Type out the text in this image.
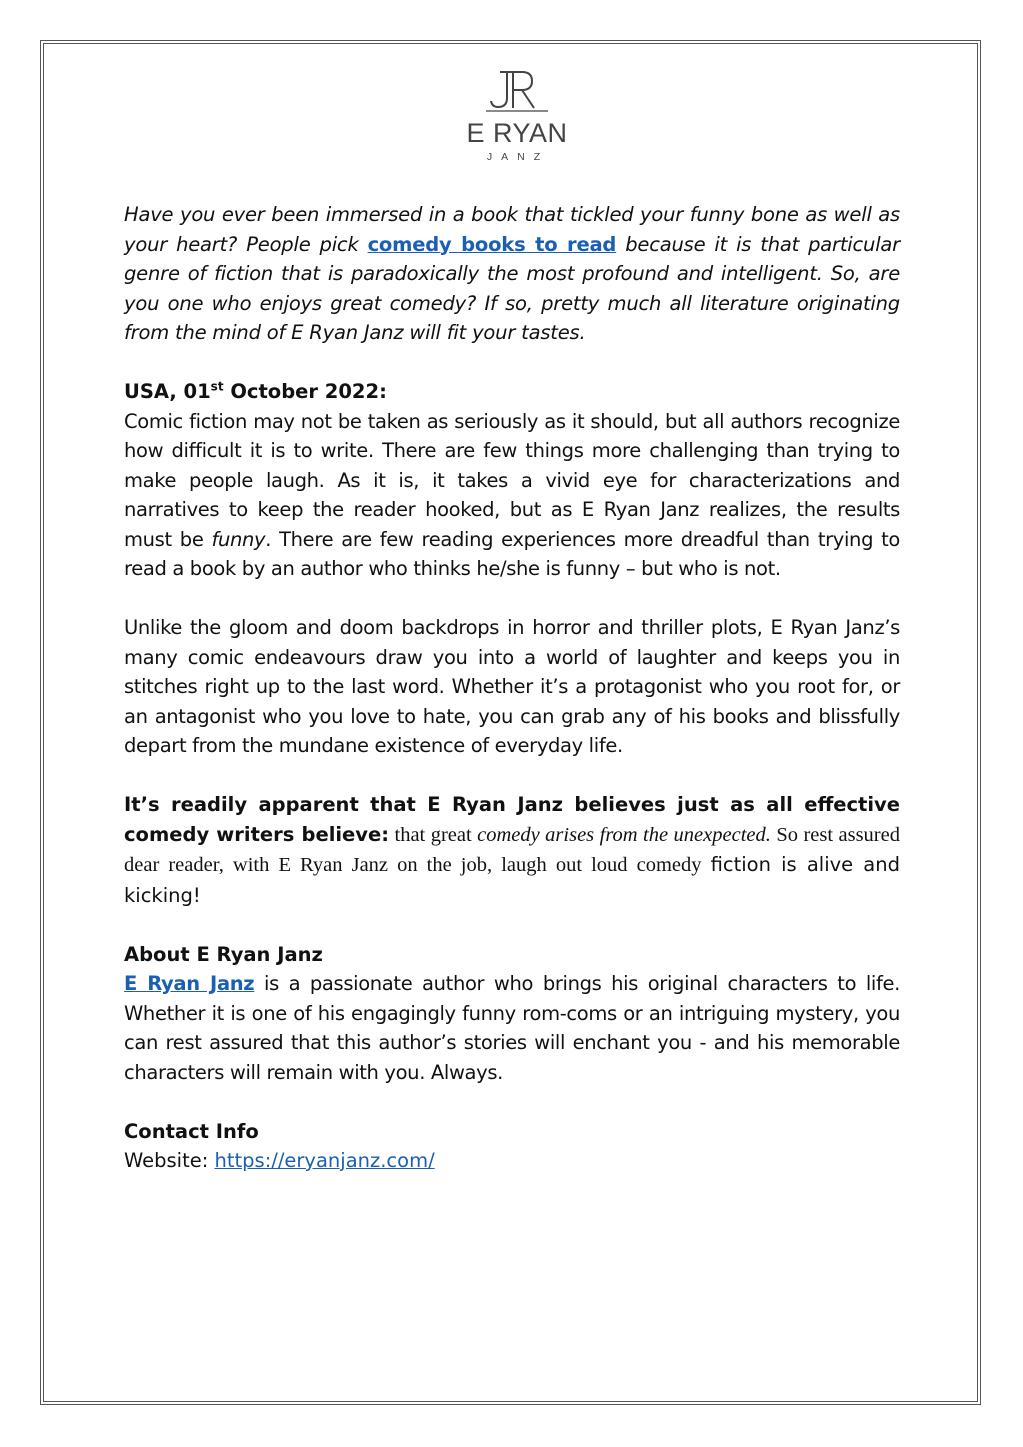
E RYAN
JANZ

Have you ever been immersed in a book that tickled your funny bone as well as your heart? People pick comedy books to read because it is that particular genre of fiction that is paradoxically the most profound and intelligent. So, are you one who enjoys great comedy? If so, pretty much all literature originating from the mind of E Ryan Janz will fit your tastes.

USA, 01st October 2022:

Comic fiction may not be taken as seriously as it should, but all authors recognize how difficult it is to write. There are few things more challenging than trying to make people laugh. As it is, it takes a vivid eye for characterizations and narratives to keep the reader hooked, but as E Ryan Janz realizes, the results must be funny. There are few reading experiences more dreadful than trying to read a book by an author who thinks he/she is funny – but who is not.

Unlike the gloom and doom backdrops in horror and thriller plots, E Ryan Janz’s many comic endeavours draw you into a world of laughter and keeps you in stitches right up to the last word. Whether it’s a protagonist who you root for, or an antagonist who you love to hate, you can grab any of his books and blissfully depart from the mundane existence of everyday life.

It’s readily apparent that E Ryan Janz believes just as all effective comedy writers believe: that great comedy arises from the unexpected. So rest assured dear reader, with E Ryan Janz on the job, laugh out loud comedy fiction is alive and kicking!

About E Ryan Janz

E Ryan Janz is a passionate author who brings his original characters to life. Whether it is one of his engagingly funny rom-coms or an intriguing mystery, you can rest assured that this author’s stories will enchant you - and his memorable characters will remain with you. Always.

Contact Info

Website: https://eryanjanz.com/
